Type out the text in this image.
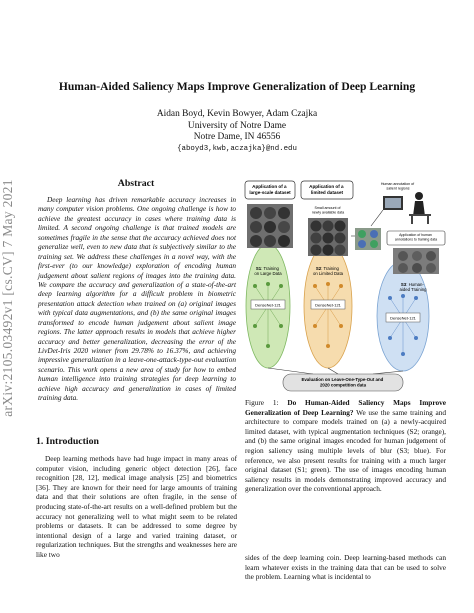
arXiv:2105.03492v1 [cs.CV] 7 May 2021
Human-Aided Saliency Maps Improve Generalization of Deep Learning
Aidan Boyd, Kevin Bowyer, Adam Czajka
University of Notre Dame
Notre Dame, IN 46556
{aboyd3,kwb,aczajka}@nd.edu
Abstract

Deep learning has driven remarkable accuracy increases in many computer vision problems. One ongoing challenge is how to achieve the greatest accuracy in cases where training data is limited. A second ongoing challenge is that trained models are sometimes fragile in the sense that the accuracy achieved does not generalize well, even to new data that is subjectively similar to the training set. We address these challenges in a novel way, with the first-ever (to our knowledge) exploration of encoding human judgement about salient regions of images into the training data. We compare the accuracy and generalization of a state-of-the-art deep learning algorithm for a difficult problem in biometric presentation attack detection when trained on (a) original images with typical data augmentations, and (b) the same original images transformed to encode human judgement about salient image regions. The latter approach results in models that achieve higher accuracy and better generalization, decreasing the error of the LivDet-Iris 2020 winner from 29.78% to 16.37%, and achieving impressive generalization in a leave-one-attack-type-out evaluation scenario. This work opens a new area of study for how to embed human intelligence into training strategies for deep learning to achieve high accuracy and generalization in cases of limited training data.

1. Introduction

Deep learning methods have had huge impact in many areas of computer vision, including generic object detection [26], face recognition [28, 12], medical image analysis [25] and biometrics [36]. They are known for their need for large amounts of training data and that their solutions are often fragile, in the sense of producing state-of-the-art results on a well-defined problem but the accuracy not generalizing well to what might seem to be related problems or datasets. It can be addressed to some degree by intentional design of a large and varied training dataset, or regularization techniques. But the strengths and weaknesses here are like two

Application of a large-scale dataset
Application of a limited dataset
Human annotation of salient regions
Small amount of newly available data
Application of human annotations to training data
S1: Training on Large Data
S2: Training on Limited Data
S3: Human- aided Training
DenseNet-121	DenseNet-121
DenseNet-121
Evaluation on Leave-One-Type-Out and 2020 competition data
Figure 1: Do Human-Aided Saliency Maps Improve Generalization of Deep Learning? We use the same training and architecture to compare models trained on (a) a newly-acquired limited dataset, with typical augmentation techniques (S2; orange), and (b) the same original images encoded for human judgement of region saliency using multiple levels of blur (S3; blue). For reference, we also present results for training with a much larger original dataset (S1; green). The use of images encoding human saliency results in models demonstrating improved accuracy and generalization over the conventional approach.

sides of the deep learning coin. Deep learning-based methods can learn whatever exists in the training data that can be used to solve the problem. Learning what is incidental to
